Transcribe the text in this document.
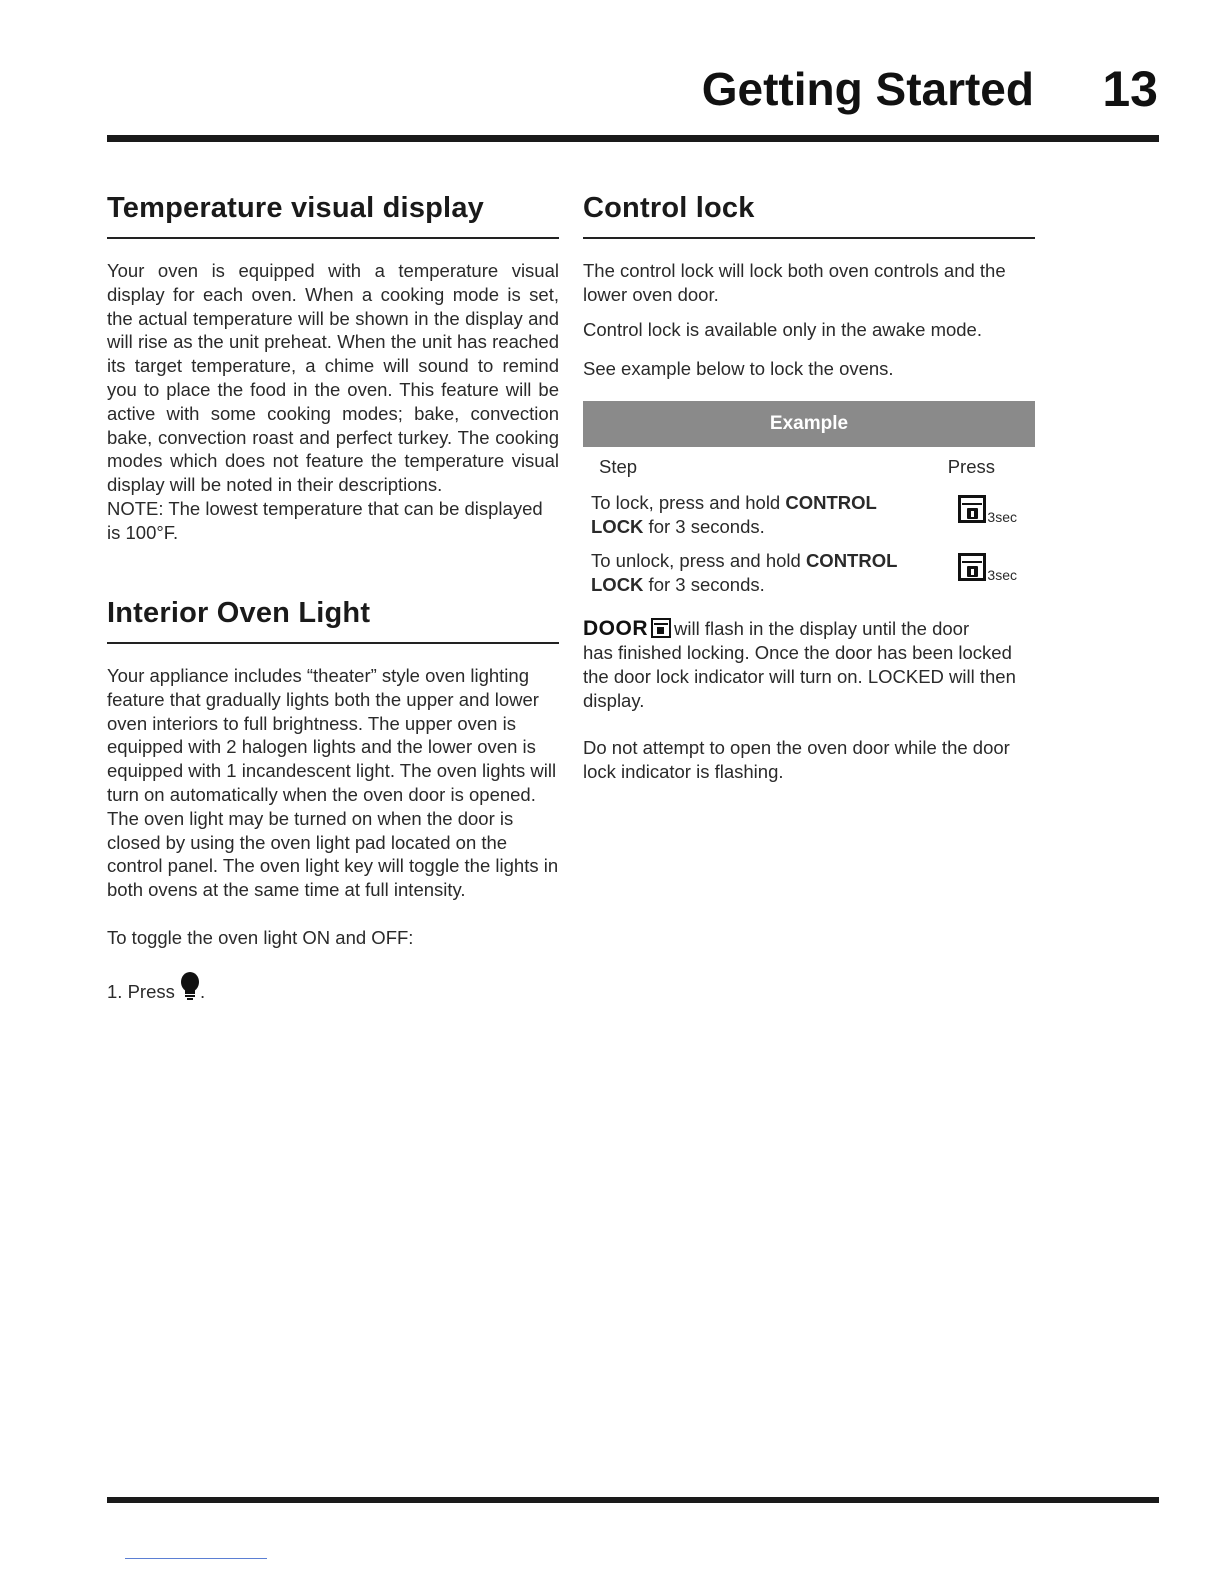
Getting Started 13
Temperature visual display

Your oven is equipped with a temperature visual display for each oven. When a cooking mode is set, the actual temperature will be shown in the display and will rise as the unit preheat. When the unit has reached its target temperature, a chime will sound to remind you to place the food in the oven. This feature will be active with some cooking modes; bake, convection bake, convection roast and perfect turkey. The cooking modes which does not feature the temperature visual display will be noted in their descriptions.

NOTE: The lowest temperature that can be displayed is 100°F.

Interior Oven Light

Your appliance includes “theater” style oven lighting feature that gradually lights both the upper and lower oven interiors to full brightness. The upper oven is equipped with 2 halogen lights and the lower oven is equipped with 1 incandescent light. The oven lights will turn on automatically when the oven door is opened. The oven light may be turned on when the door is closed by using the oven light pad located on the control panel. The oven light key will toggle the lights in both ovens at the same time at full intensity.

To toggle the oven light ON and OFF:

1. Press .

Control lock

The control lock will lock both oven controls and the lower oven door.

Control lock is available only in the awake mode.

See example below to lock the ovens.

Example
Step	Press
To lock, press and hold CONTROL
LOCK for 3 seconds.	3sec
To unlock, press and hold CONTROL
LOCK for 3 seconds.	3sec

DOOR will flash in the display until the door
has finished locking. Once the door has been locked the door lock indicator will turn on. LOCKED will then display.

Do not attempt to open the oven door while the door lock indicator is flashing.
